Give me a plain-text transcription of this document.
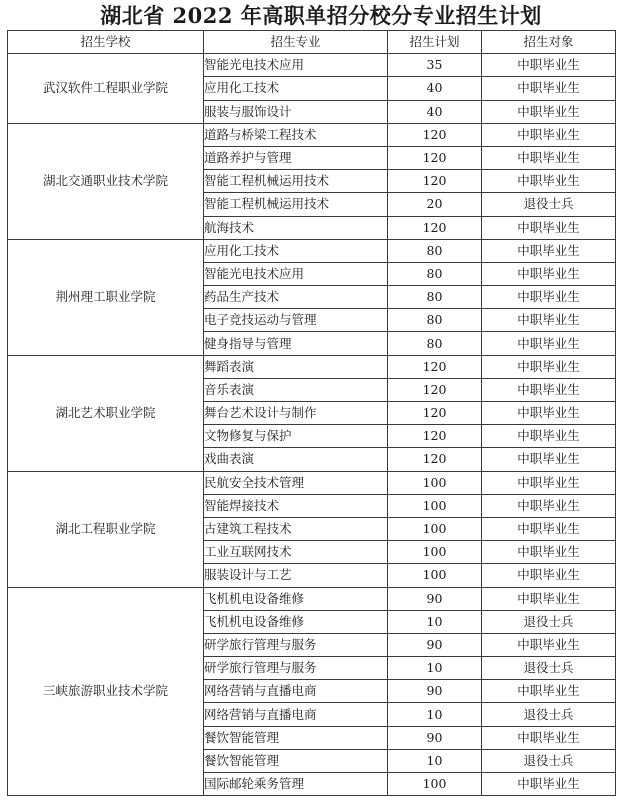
湖北省 2022 年高职单招分校分专业招生计划
招生学校	招生专业	招生计划	招生对象
武汉软件工程职业学院	智能光电技术应用	35	中职毕业生
	应用化工技术	40	中职毕业生
	服装与服饰设计	40	中职毕业生
湖北交通职业技术学院	道路与桥梁工程技术	120	中职毕业生
	道路养护与管理	120	中职毕业生
	智能工程机械运用技术	120	中职毕业生
	智能工程机械运用技术	20	退役士兵
	航海技术	120	中职毕业生
荆州理工职业学院	应用化工技术	80	中职毕业生
	智能光电技术应用	80	中职毕业生
	药品生产技术	80	中职毕业生
	电子竞技运动与管理	80	中职毕业生
	健身指导与管理	80	中职毕业生
湖北艺术职业学院	舞蹈表演	120	中职毕业生
	音乐表演	120	中职毕业生
	舞台艺术设计与制作	120	中职毕业生
	文物修复与保护	120	中职毕业生
	戏曲表演	120	中职毕业生
湖北工程职业学院	民航安全技术管理	100	中职毕业生
	智能焊接技术	100	中职毕业生
	古建筑工程技术	100	中职毕业生
	工业互联网技术	100	中职毕业生
	服装设计与工艺	100	中职毕业生
三峡旅游职业技术学院	飞机机电设备维修	90	中职毕业生
	飞机机电设备维修	10	退役士兵
	研学旅行管理与服务	90	中职毕业生
	研学旅行管理与服务	10	退役士兵
	网络营销与直播电商	90	中职毕业生
	网络营销与直播电商	10	退役士兵
	餐饮智能管理	90	中职毕业生
	餐饮智能管理	10	退役士兵
	国际邮轮乘务管理	100	中职毕业生
